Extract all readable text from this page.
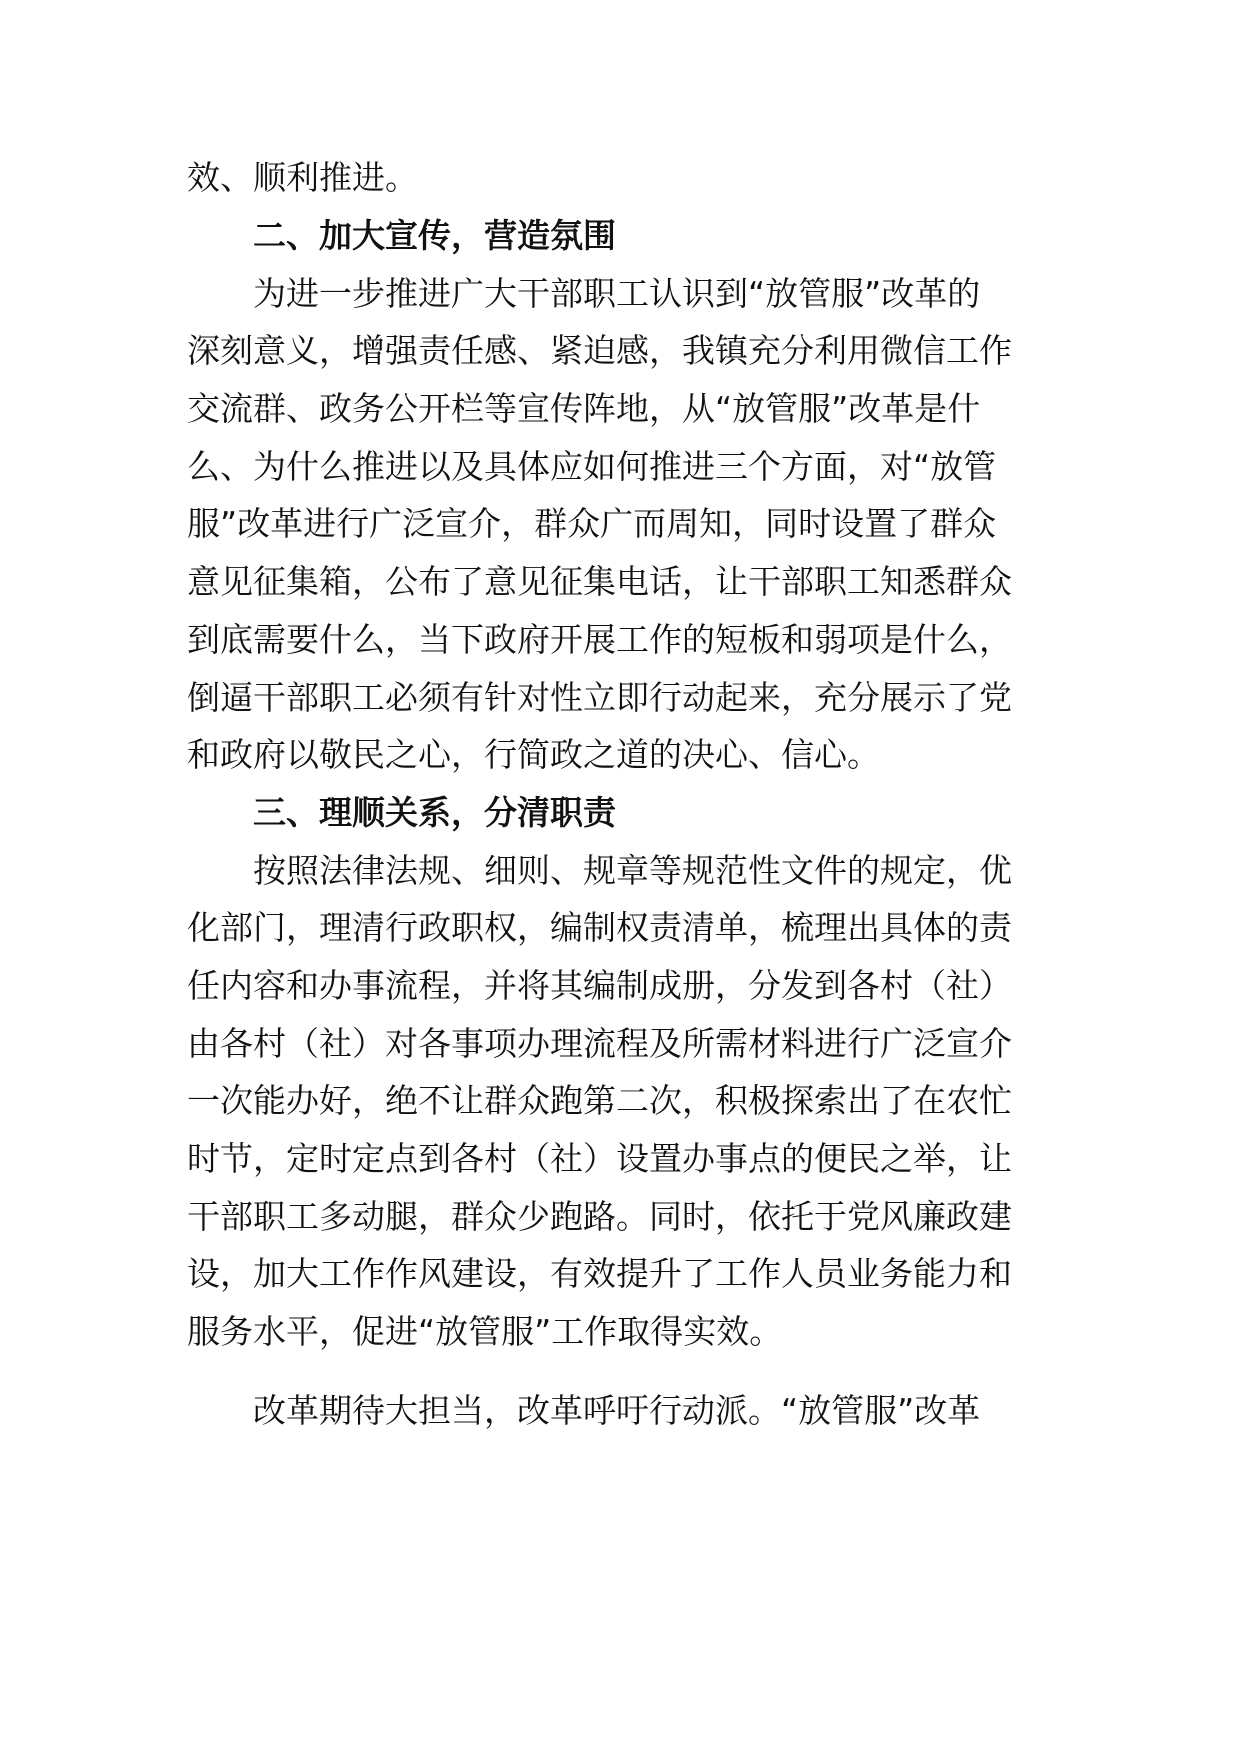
效、顺利推进。
二、加大宣传，营造氛围
为进一步推进广大干部职工认识到“放管服”改革的
深刻意义，增强责任感、紧迫感，我镇充分利用微信工作
交流群、政务公开栏等宣传阵地，从“放管服”改革是什
么、为什么推进以及具体应如何推进三个方面，对“放管
服”改革进行广泛宣介，群众广而周知，同时设置了群众
意见征集箱，公布了意见征集电话，让干部职工知悉群众
到底需要什么，当下政府开展工作的短板和弱项是什么，
倒逼干部职工必须有针对性立即行动起来，充分展示了党
和政府以敬民之心，行简政之道的决心、信心。
三、理顺关系，分清职责
按照法律法规、细则、规章等规范性文件的规定，优
化部门，理清行政职权，编制权责清单，梳理出具体的责
任内容和办事流程，并将其编制成册，分发到各村（社）
由各村（社）对各事项办理流程及所需材料进行广泛宣介
一次能办好，绝不让群众跑第二次，积极探索出了在农忙
时节，定时定点到各村（社）设置办事点的便民之举，让
干部职工多动腿，群众少跑路。同时，依托于党风廉政建
设，加大工作作风建设，有效提升了工作人员业务能力和
服务水平，促进“放管服”工作取得实效。
改革期待大担当，改革呼吁行动派。“放管服”改革
